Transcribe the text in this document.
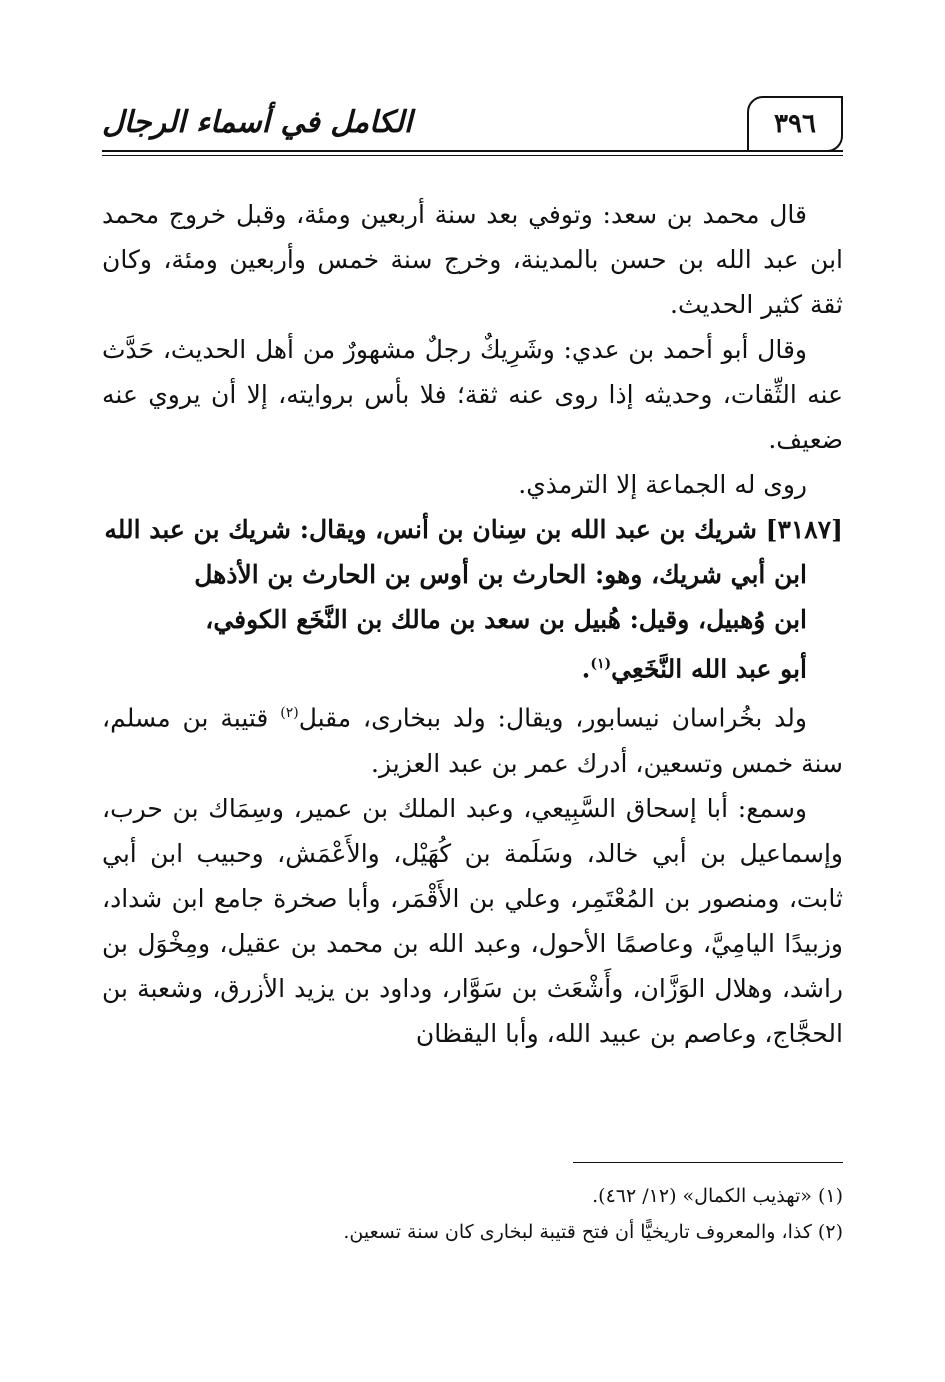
٣٩٦
الكامل في أسماء الرجال

قال محمد بن سعد: وتوفي بعد سنة أربعين ومئة، وقبل خروج محمد ابن عبد الله بن حسن بالمدينة، وخرج سنة خمس وأربعين ومئة، وكان ثقة كثير الحديث.

وقال أبو أحمد بن عدي: وشَرِيكٌ رجلٌ مشهورٌ من أهل الحديث، حَدَّث عنه الثِّقات، وحديثه إذا روى عنه ثقة؛ فلا بأس بروايته، إلا أن يروي عنه ضعيف.

روى له الجماعة إلا الترمذي.

[٣١٨٧] شريك بن عبد الله بن سِنان بن أنس، ويقال: شريك بن عبد الله
ابن أبي شريك، وهو: الحارث بن أوس بن الحارث بن الأذهل
ابن وُهبيل، وقيل: هُبيل بن سعد بن مالك بن النَّخَع الكوفي،
أبو عبد الله النَّخَعِي$^{(١)}$.

ولد بخُراسان نيسابور، ويقال: ولد ببخارى، مقبل$^{(٢)}$ قتيبة بن مسلم، سنة خمس وتسعين، أدرك عمر بن عبد العزيز.

وسمع: أبا إسحاق السَّبِيعي، وعبد الملك بن عمير، وسِمَاك بن حرب، وإسماعيل بن أبي خالد، وسَلَمة بن كُهَيْل، والأَعْمَش، وحبيب ابن أبي ثابت، ومنصور بن المُعْتَمِر، وعلي بن الأَقْمَر، وأبا صخرة جامع ابن شداد، وزبيدًا اليامِيَّ، وعاصمًا الأحول، وعبد الله بن محمد بن عقيل، ومِخْوَل بن راشد، وهلال الوَزَّان، وأَشْعَث بن سَوَّار، وداود بن يزيد الأزرق، وشعبة بن الحجَّاج، وعاصم بن عبيد الله، وأبا اليقظان

(١) «تهذيب الكمال» (١٢/ ٤٦٢).

(٢) كذا، والمعروف تاريخيًّا أن فتح قتيبة لبخارى كان سنة تسعين.
